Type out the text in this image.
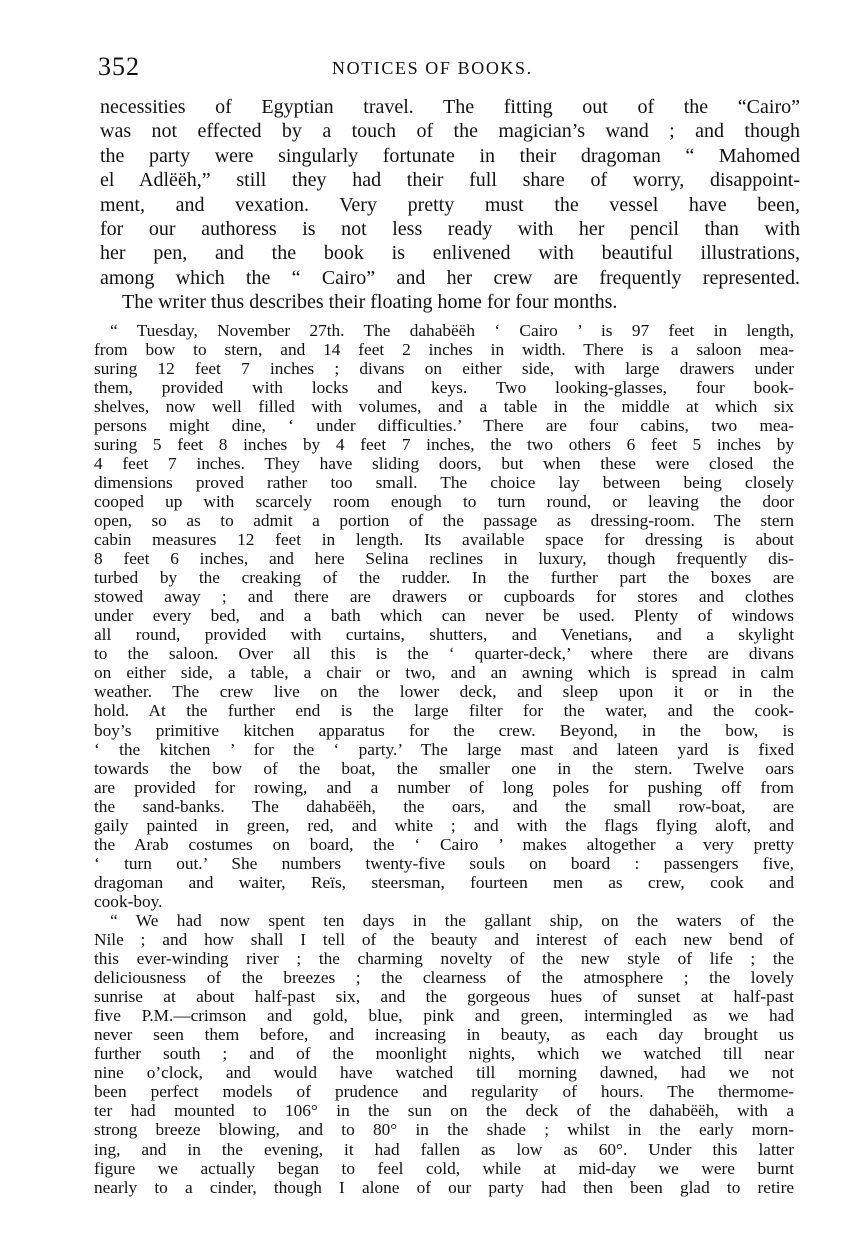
352	NOTICES OF BOOKS.
necessities of Egyptian travel. The fitting out of the “Cairo”
was not effected by a touch of the magician’s wand ; and though
the party were singularly fortunate in their dragoman “ Mahomed
el Adlëëh,” still they had their full share of worry, disappoint-
ment, and vexation. Very pretty must the vessel have been,
for our authoress is not less ready with her pencil than with
her pen, and the book is enlivened with beautiful illustrations,
among which the “ Cairo” and her crew are frequently represented.
The writer thus describes their floating home for four months.
“ Tuesday, November 27th. The dahabëëh ‘ Cairo ’ is 97 feet in length,
from bow to stern, and 14 feet 2 inches in width. There is a saloon mea-
suring 12 feet 7 inches ; divans on either side, with large drawers under
them, provided with locks and keys. Two looking-glasses, four book-
shelves, now well filled with volumes, and a table in the middle at which six
persons might dine, ‘ under difficulties.’ There are four cabins, two mea-
suring 5 feet 8 inches by 4 feet 7 inches, the two others 6 feet 5 inches by
4 feet 7 inches. They have sliding doors, but when these were closed the
dimensions proved rather too small. The choice lay between being closely
cooped up with scarcely room enough to turn round, or leaving the door
open, so as to admit a portion of the passage as dressing-room. The stern
cabin measures 12 feet in length. Its available space for dressing is about
8 feet 6 inches, and here Selina reclines in luxury, though frequently dis-
turbed by the creaking of the rudder. In the further part the boxes are
stowed away ; and there are drawers or cupboards for stores and clothes
under every bed, and a bath which can never be used. Plenty of windows
all round, provided with curtains, shutters, and Venetians, and a skylight
to the saloon. Over all this is the ‘ quarter-deck,’ where there are divans
on either side, a table, a chair or two, and an awning which is spread in calm
weather. The crew live on the lower deck, and sleep upon it or in the
hold. At the further end is the large filter for the water, and the cook-
boy’s primitive kitchen apparatus for the crew. Beyond, in the bow, is
‘ the kitchen ’ for the ‘ party.’ The large mast and lateen yard is fixed
towards the bow of the boat, the smaller one in the stern. Twelve oars
are provided for rowing, and a number of long poles for pushing off from
the sand-banks. The dahabëëh, the oars, and the small row-boat, are
gaily painted in green, red, and white ; and with the flags flying aloft, and
the Arab costumes on board, the ‘ Cairo ’ makes altogether a very pretty
‘ turn out.’ She numbers twenty-five souls on board : passengers five,
dragoman and waiter, Reïs, steersman, fourteen men as crew, cook and
cook-boy.
“ We had now spent ten days in the gallant ship, on the waters of the
Nile ; and how shall I tell of the beauty and interest of each new bend of
this ever-winding river ; the charming novelty of the new style of life ; the
deliciousness of the breezes ; the clearness of the atmosphere ; the lovely
sunrise at about half-past six, and the gorgeous hues of sunset at half-past
five P.M.—crimson and gold, blue, pink and green, intermingled as we had
never seen them before, and increasing in beauty, as each day brought us
further south ; and of the moonlight nights, which we watched till near
nine o’clock, and would have watched till morning dawned, had we not
been perfect models of prudence and regularity of hours. The thermome-
ter had mounted to 106° in the sun on the deck of the dahabëëh, with a
strong breeze blowing, and to 80° in the shade ; whilst in the early morn-
ing, and in the evening, it had fallen as low as 60°. Under this latter
figure we actually began to feel cold, while at mid-day we were burnt
nearly to a cinder, though I alone of our party had then been glad to retire
